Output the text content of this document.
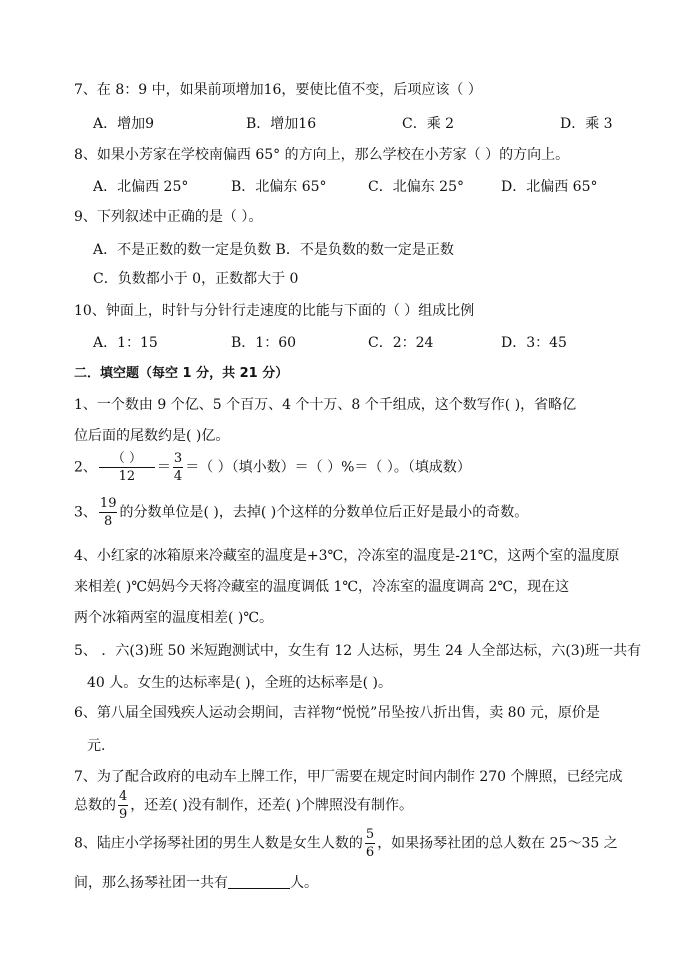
7、在 8：9 中，如果前项增加16，要使比值不变，后项应该（ ）
A．增加9	B．增加16	C．乘 2	D．乘 3
8、如果小芳家在学校南偏西 65° 的方向上，那么学校在小芳家（ ）的方向上。
A．北偏西 25°	B．北偏东 65°	C．北偏东 25°	D．北偏西 65°
9、下列叙述中正确的是（ ）。
A．不是正数的数一定是负数 B．不是负数的数一定是正数
C．负数都小于 0，正数都大于 0
10、钟面上，时针与分针行走速度的比能与下面的（ ）组成比例
A．1：15	B．1：60	C．2：24	D．3：45
二．填空题（每空 1 分，共 21 分）
1、一个数由 9 个亿、5 个百万、4 个十万、8 个千组成，这个数写作( )，省略亿
位后面的尾数约是( )亿。
2、 $\frac{( )}{12} = \frac{3}{4}$ ＝（ ）（填小数）＝（ ）%＝（ ）。（填成数）
3、 $\frac{19}{8}$ 的分数单位是( )，去掉( )个这样的分数单位后正好是最小的奇数。
4、小红家的冰箱原来冷藏室的温度是+3℃，冷冻室的温度是-21℃，这两个室的温度原
来相差( )℃妈妈今天将冷藏室的温度调低 1℃，冷冻室的温度调高 2℃，现在这
两个冰箱两室的温度相差( )℃。
5、 ．六(3)班 50 米短跑测试中，女生有 12 人达标，男生 24 人全部达标，六(3)班一共有
40 人。女生的达标率是( )，全班的达标率是( )。
6、第八届全国残疾人运动会期间，吉祥物“悦悦”吊坠按八折出售，卖 80 元，原价是
元.
7、为了配合政府的电动车上牌工作，甲厂需要在规定时间内制作 270 个牌照，已经完成
总数的 $\frac{4}{9}$ ，还差( )没有制作，还差( )个牌照没有制作。
8、陆庄小学扬琴社团的男生人数是女生人数的 $\frac{5}{6}$ ，如果扬琴社团的总人数在 25～35 之
间，那么扬琴社团一共有	人。
